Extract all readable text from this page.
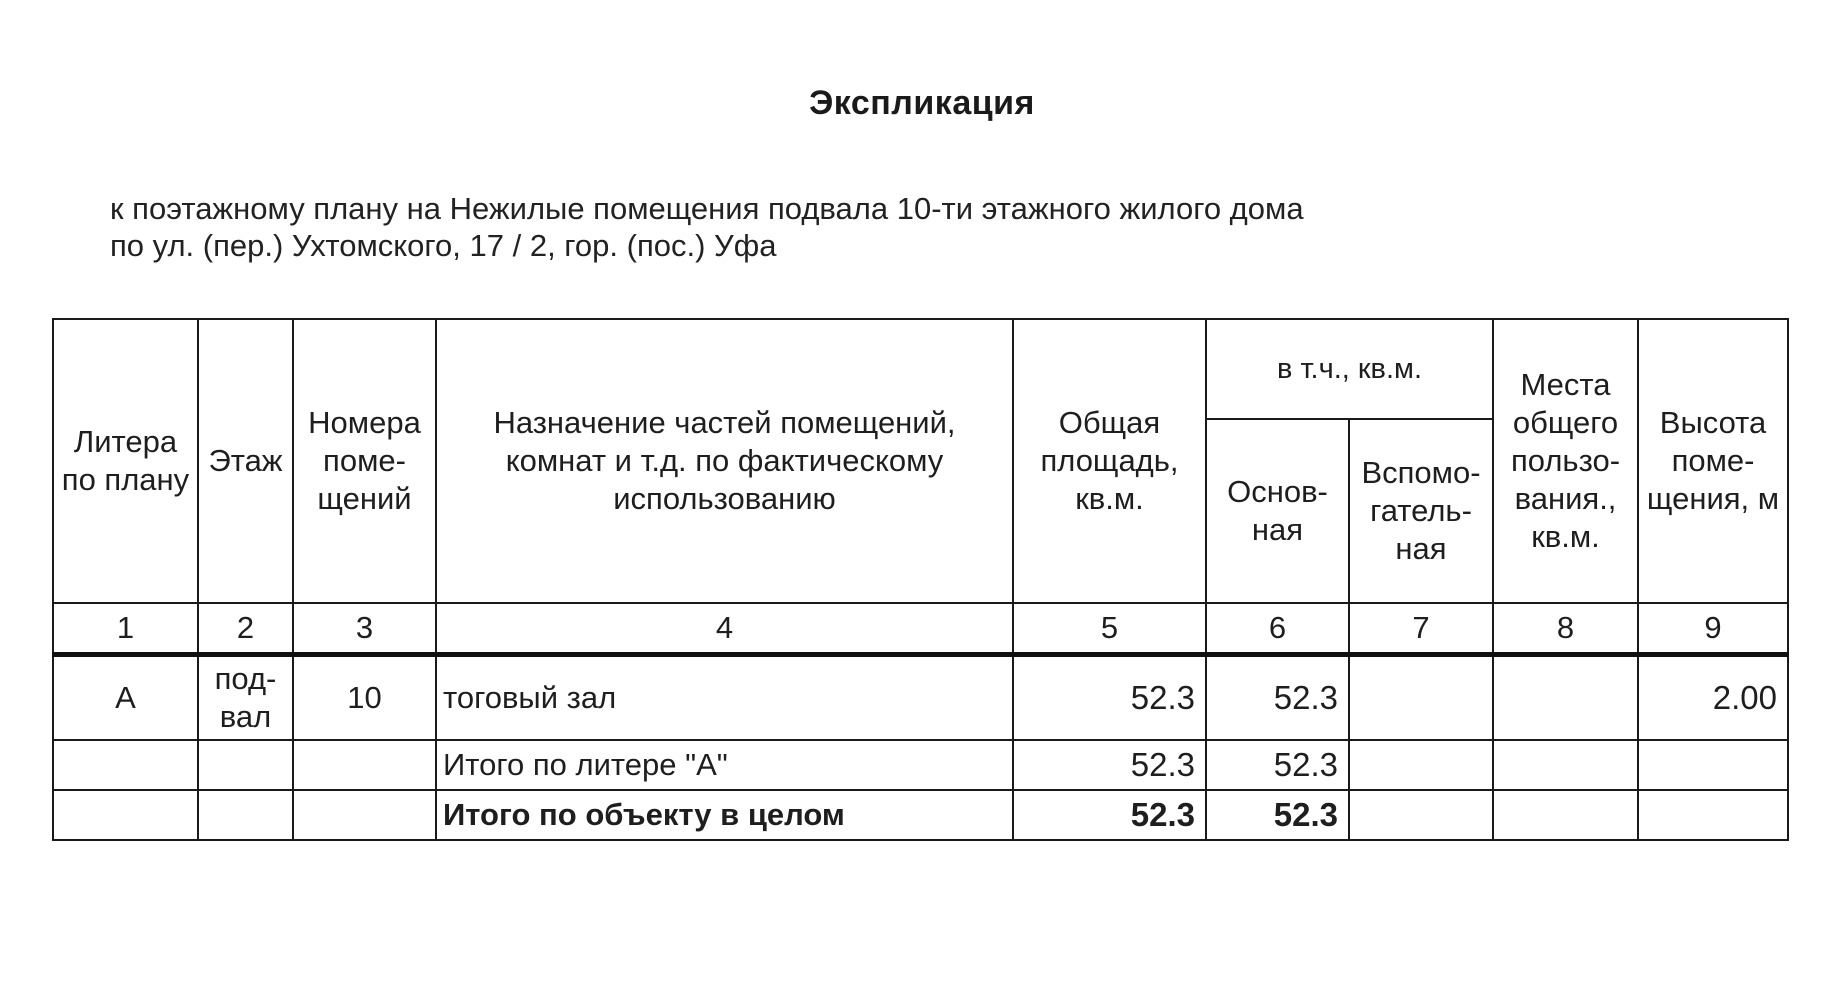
Экспликация
к поэтажному плану на Нежилые помещения подвала 10-ти этажного жилого дома
по ул. (пер.) Ухтомского, 17 / 2, гор. (пос.) Уфа
Литера по плану	Этаж	Номера поме-щений	Назначение частей помещений, комнат и т.д. по фактическому использованию	Общая площадь, кв.м.	в т.ч., кв.м.		Места общего пользо-вания., кв.м.	Высота поме-щения, м
					Основ-ная	Вспомо-гатель-ная		
1	2	3	4	5	6	7	8	9
А	под-вал	10	тоговый зал	52.3	52.3			2.00
			Итого по литере "А"	52.3	52.3			
			Итого по объекту в целом	52.3	52.3			
